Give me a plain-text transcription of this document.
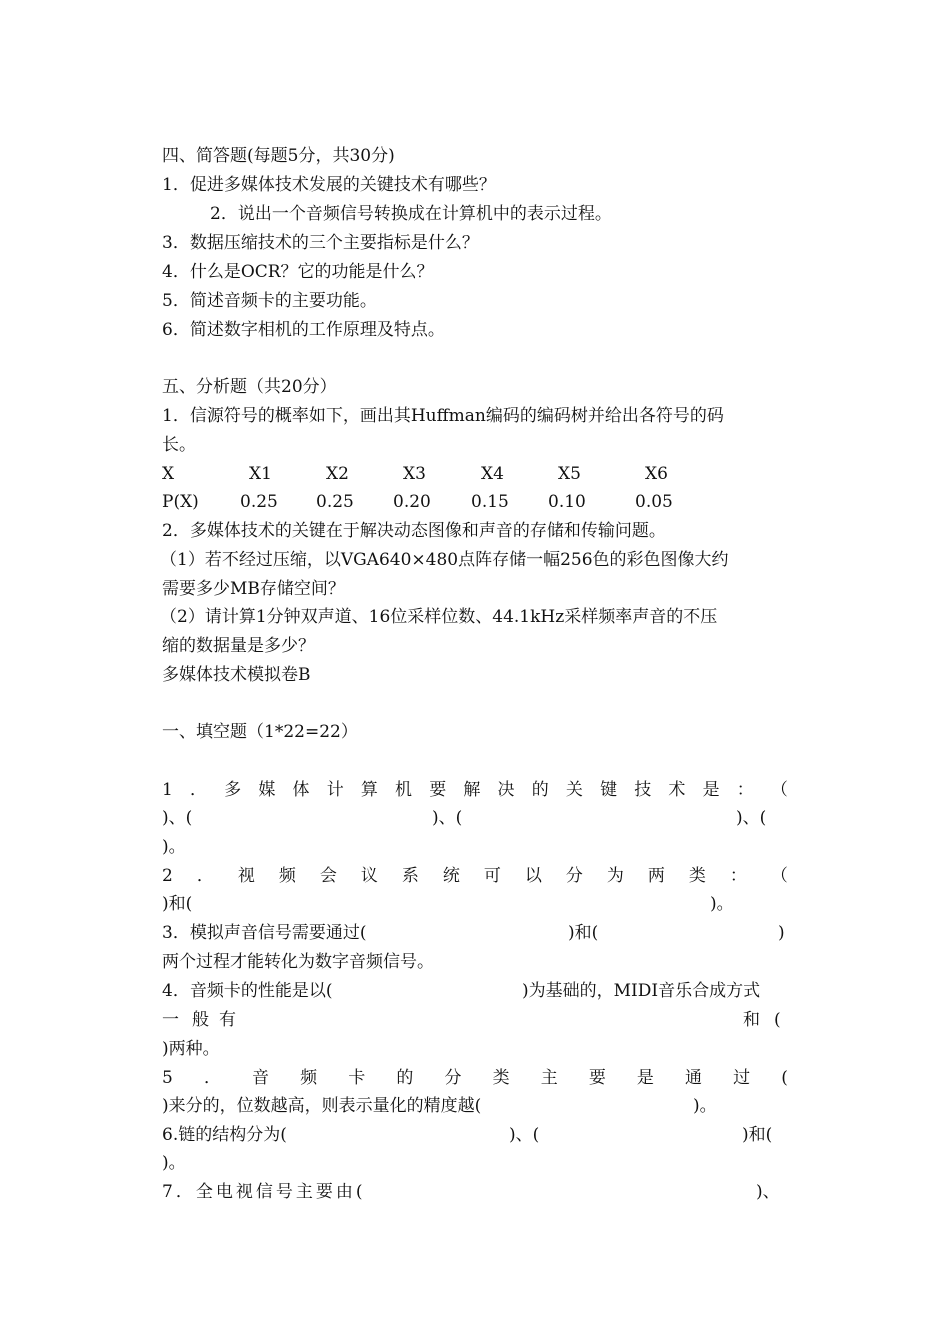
四、简答题(每题5分，共30分)
1．促进多媒体技术发展的关键技术有哪些？
2．说出一个音频信号转换成在计算机中的表示过程。
3．数据压缩技术的三个主要指标是什么？
4．什么是OCR？它的功能是什么？
5．简述音频卡的主要功能。
6．简述数字相机的工作原理及特点。
五、分析题（共20分）
1．信源符号的概率如下，画出其Huffman编码的编码树并给出各符号的码
长。
X	X1	X2	X3	X4	X5	X6
P(X) 0.25 0.25 0.20 0.15 0.10	0.05
2．多媒体技术的关键在于解决动态图像和声音的存储和传输问题。
（1）若不经过压缩，以VGA640×480点阵存储一幅256色的彩色图像大约
需要多少MB存储空间？
（2）请计算1分钟双声道、16位采样位数、44.1kHz采样频率声音的不压
缩的数据量是多少？
多媒体技术模拟卷B
一、填空题（1*22=22）
1 ． 多 媒 体 计 算 机 要 解 决 的 关 键 技 术 是 ： （
)、(	)、(	)、(
)。
2 ． 视 频 会 议 系 统 可 以 分 为 两 类 ： （
)和(	)。
3．模拟声音信号需要通过(	)和(	)
两个过程才能转化为数字音频信号。
4．音频卡的性能是以(	)为基础的，MIDI音乐合成方式
一 般 有	和 (
)两种。
5 ． 音 频 卡 的 分 类 主 要 是 通 过 (
)来分的，位数越高，则表示量化的精度越(	)。
6.链的结构分为(	)、(	)和(
)。
7．全电视信号主要由(	)、
